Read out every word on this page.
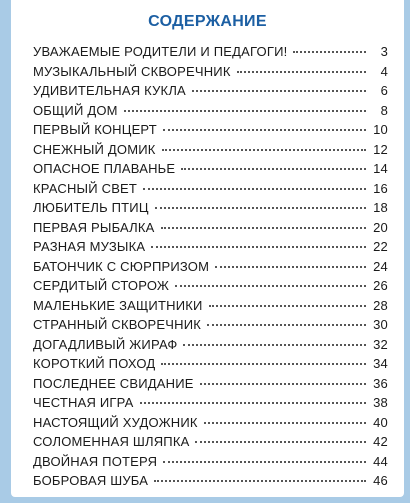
СОДЕРЖАНИЕ
УВАЖАЕМЫЕ РОДИТЕЛИ И ПЕДАГОГИ!	3
МУЗЫКАЛЬНЫЙ СКВОРЕЧНИК	4
УДИВИТЕЛЬНАЯ КУКЛА	6
ОБЩИЙ ДОМ	8
ПЕРВЫЙ КОНЦЕРТ	10
СНЕЖНЫЙ ДОМИК	12
ОПАСНОЕ ПЛАВАНЬЕ	14
КРАСНЫЙ СВЕТ	16
ЛЮБИТЕЛЬ ПТИЦ	18
ПЕРВАЯ РЫБАЛКА	20
РАЗНАЯ МУЗЫКА	22
БАТОНЧИК С СЮРПРИЗОМ	24
СЕРДИТЫЙ СТОРОЖ	26
МАЛЕНЬКИЕ ЗАЩИТНИКИ	28
СТРАННЫЙ СКВОРЕЧНИК	30
ДОГАДЛИВЫЙ ЖИРАФ	32
КОРОТКИЙ ПОХОД	34
ПОСЛЕДНЕЕ СВИДАНИЕ	36
ЧЕСТНАЯ ИГРА	38
НАСТОЯЩИЙ ХУДОЖНИК	40
СОЛОМЕННАЯ ШЛЯПКА	42
ДВОЙНАЯ ПОТЕРЯ	44
БОБРОВАЯ ШУБА	46
